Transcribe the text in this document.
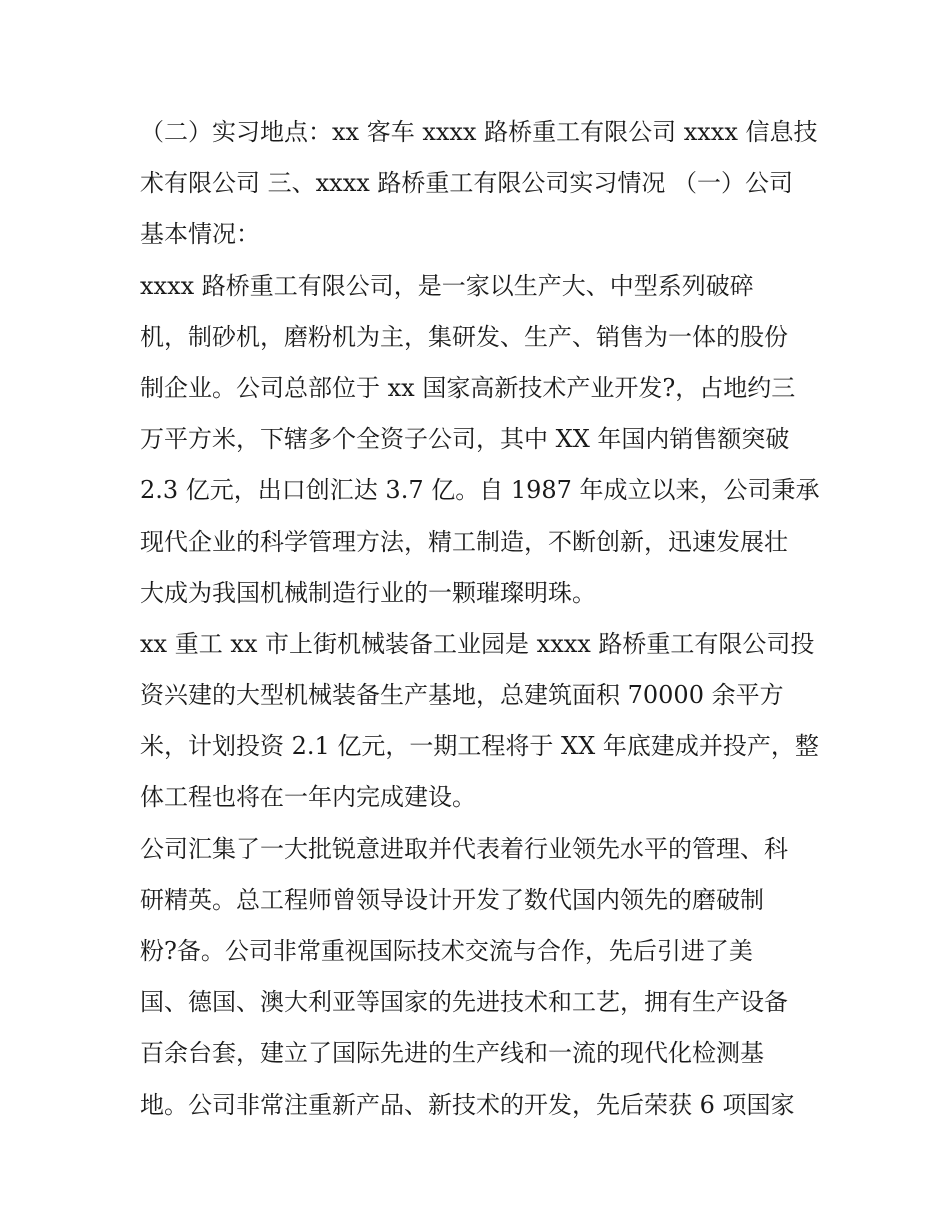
（二）实习地点：xx 客车 xxxx 路桥重工有限公司 xxxx 信息技
术有限公司 三、xxxx 路桥重工有限公司实习情况 （一）公司
基本情况：
xxxx 路桥重工有限公司，是一家以生产大、中型系列破碎
机，制砂机，磨粉机为主，集研发、生产、销售为一体的股份
制企业。公司总部位于 xx 国家高新技术产业开发?，占地约三
万平方米，下辖多个全资子公司，其中 XX 年国内销售额突破
2.3 亿元，出口创汇达 3.7 亿。自 1987 年成立以来，公司秉承
现代企业的科学管理方法，精工制造，不断创新，迅速发展壮
大成为我国机械制造行业的一颗璀璨明珠。
xx 重工 xx 市上街机械装备工业园是 xxxx 路桥重工有限公司投
资兴建的大型机械装备生产基地，总建筑面积 70000 余平方
米，计划投资 2.1 亿元，一期工程将于 XX 年底建成并投产，整
体工程也将在一年内完成建设。
公司汇集了一大批锐意进取并代表着行业领先水平的管理、科
研精英。总工程师曾领导设计开发了数代国内领先的磨破制
粉?备。公司非常重视国际技术交流与合作，先后引进了美
国、德国、澳大利亚等国家的先进技术和工艺，拥有生产设备
百余台套，建立了国际先进的生产线和一流的现代化检测基
地。公司非常注重新产品、新技术的开发，先后荣获 6 项国家
